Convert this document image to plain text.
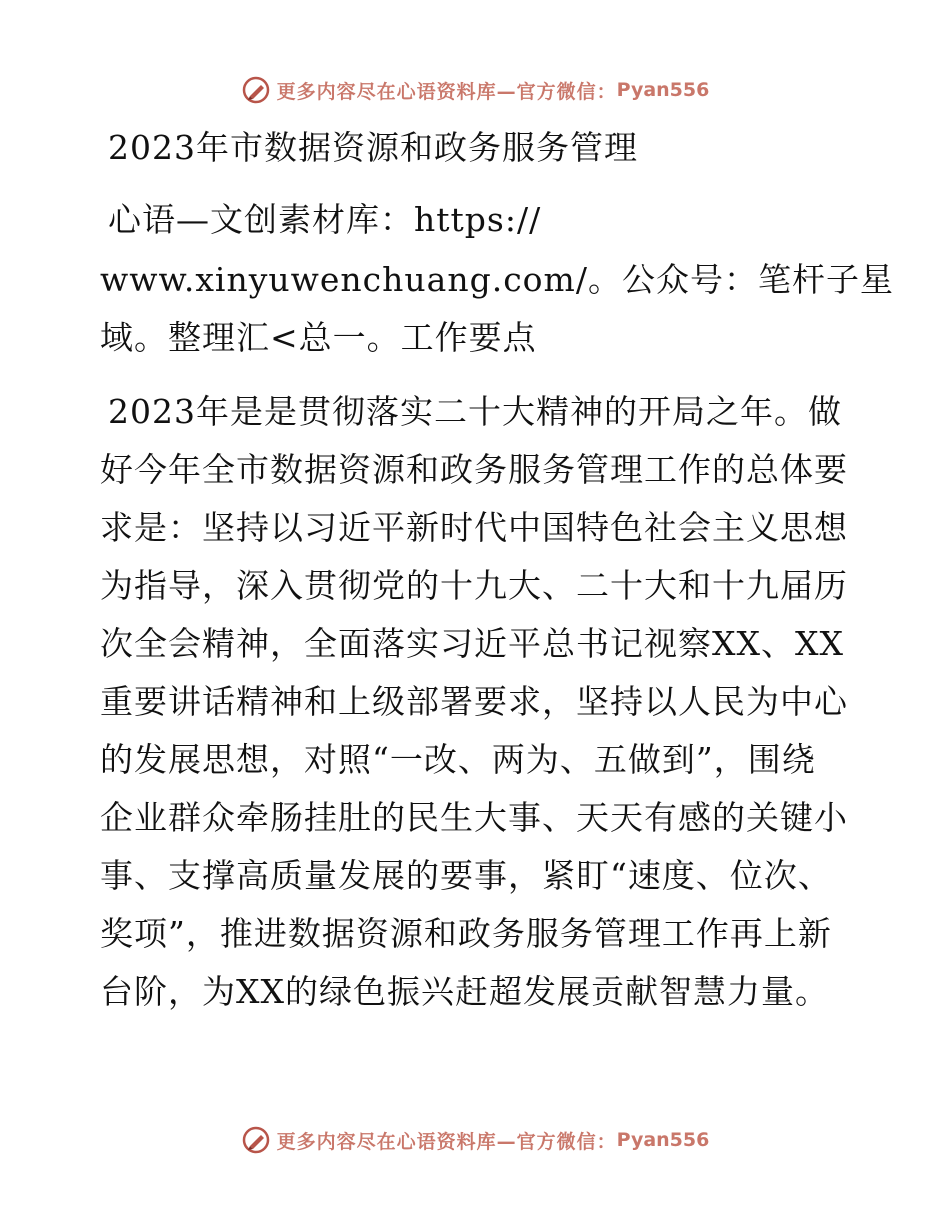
更多内容尽在心语资料库—官方微信： Pyan556
2023年市数据资源和政务服务管理
心语—文创素材库：https://
www.xinyuwenchuang.com/。公众号：笔杆子星
域。整理汇<总一。工作要点
2023年是是贯彻落实二十大精神的开局之年。做
好今年全市数据资源和政务服务管理工作的总体要
求是：坚持以习近平新时代中国特色社会主义思想
为指导，深入贯彻党的十九大、二十大和十九届历
次全会精神，全面落实习近平总书记视察XX、XX
重要讲话精神和上级部署要求，坚持以人民为中心
的发展思想，对照“一改、两为、五做到”，围绕
企业群众牵肠挂肚的民生大事、天天有感的关键小
事、支撑高质量发展的要事，紧盯“速度、位次、
奖项”，推进数据资源和政务服务管理工作再上新
台阶，为XX的绿色振兴赶超发展贡献智慧力量。
更多内容尽在心语资料库—官方微信： Pyan556
